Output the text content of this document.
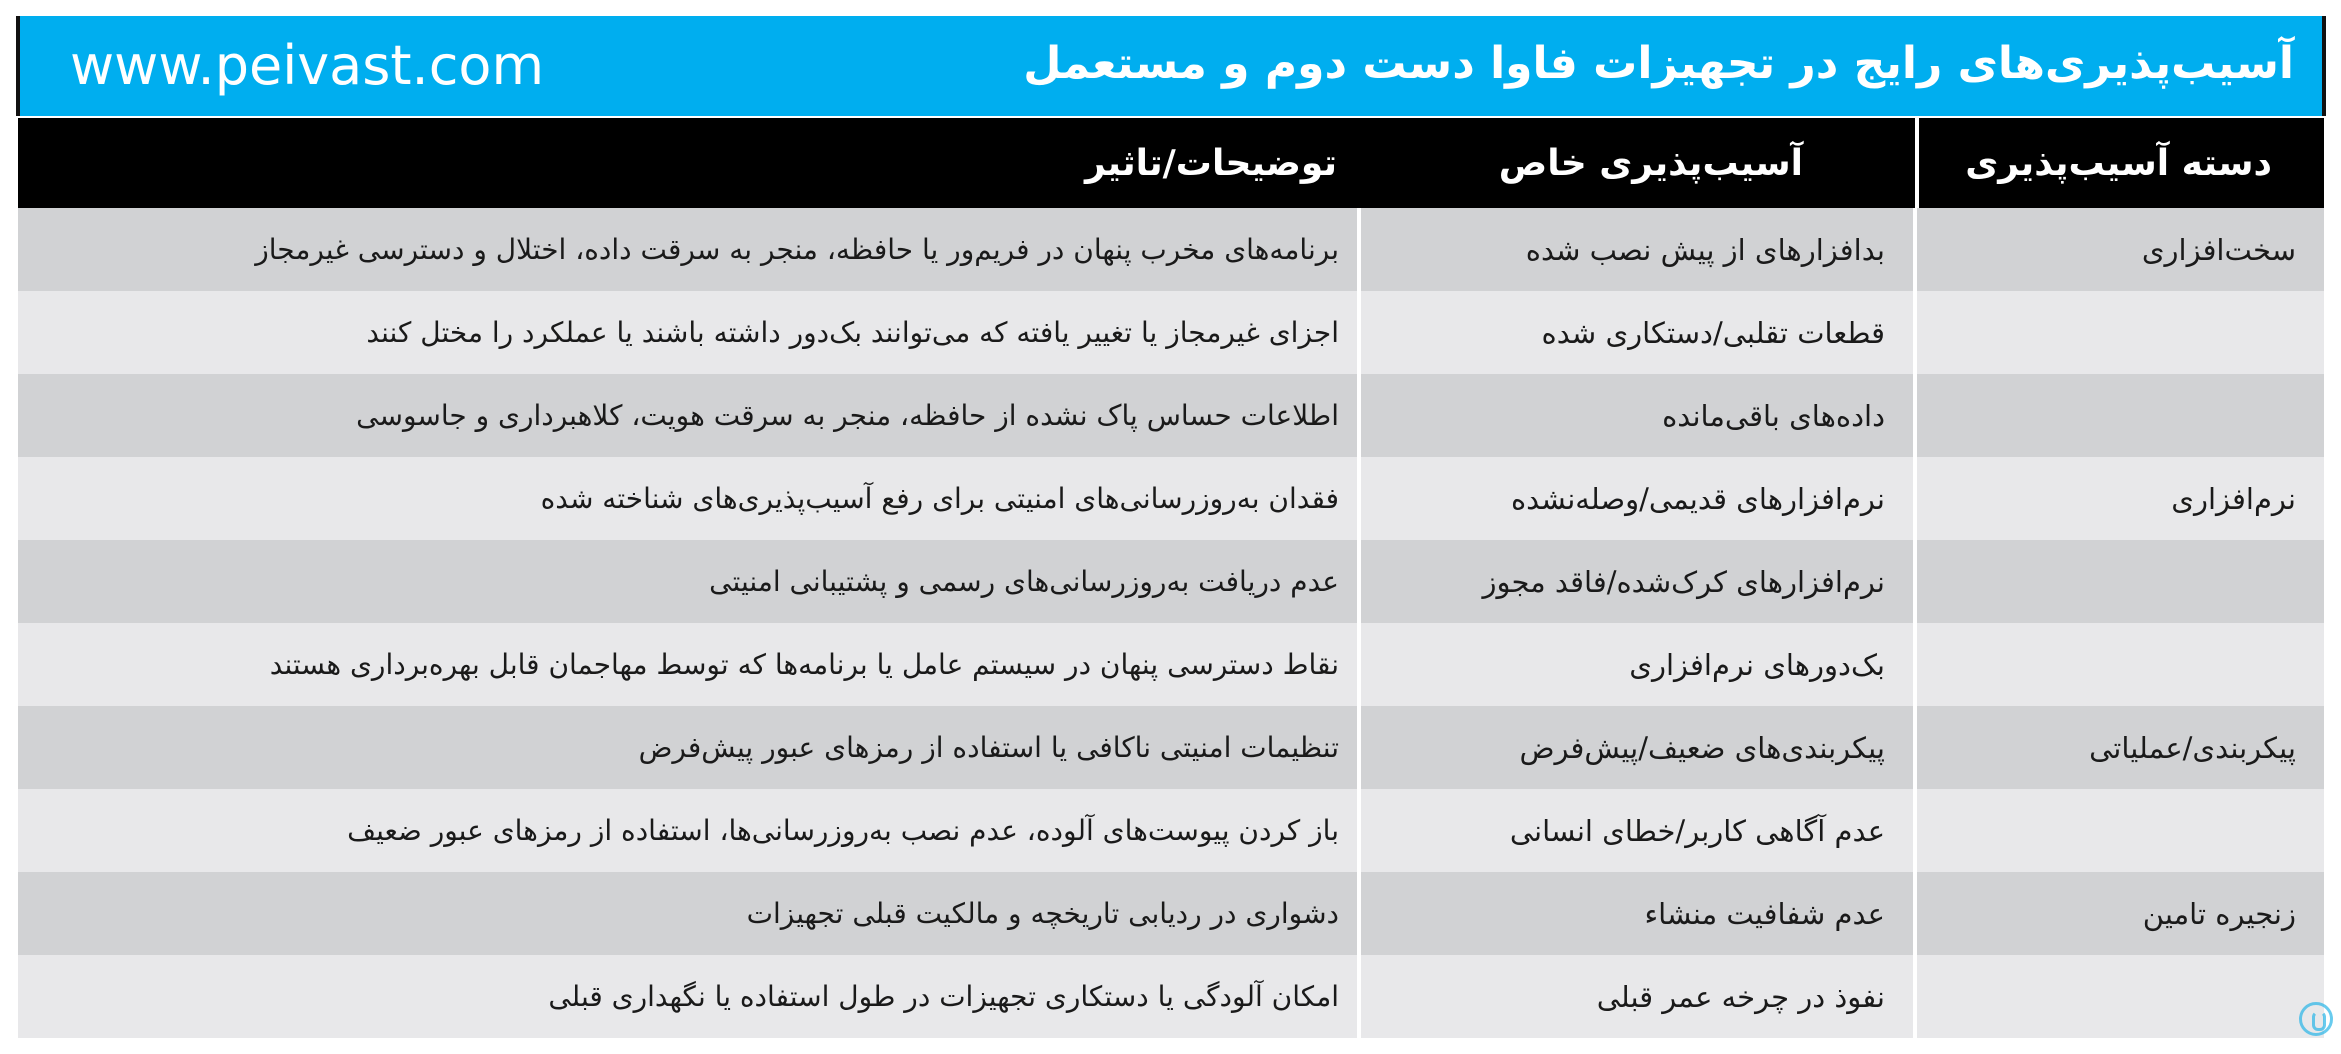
www.peivast.com	آسیب‌پذیری‌های رایج در تجهیزات فاوا دست دوم و مستعمل
دسته آسیب‌پذیری
آسیب‌پذیری خاص
توضیحات/تاثیر
سخت‌افزاری
بدافزارهای از پیش نصب شده
برنامه‌های مخرب پنهان در فریم‌ور یا حافظه، منجر به سرقت داده، اختلال و دسترسی غیرمجاز
قطعات تقلبی/دستکاری شده
اجزای غیرمجاز یا تغییر یافته که می‌توانند بک‌دور داشته باشند یا عملکرد را مختل کنند
داده‌های باقی‌مانده
اطلاعات حساس پاک نشده از حافظه، منجر به سرقت هویت، کلاهبرداری و جاسوسی
نرم‌افزاری
نرم‌افزارهای قدیمی/وصله‌نشده
فقدان به‌روزرسانی‌های امنیتی برای رفع آسیب‌پذیری‌های شناخته شده
نرم‌افزارهای کرک‌شده/فاقد مجوز
عدم دریافت به‌روزرسانی‌های رسمی و پشتیبانی امنیتی
بک‌دورهای نرم‌افزاری
نقاط دسترسی پنهان در سیستم عامل یا برنامه‌ها که توسط مهاجمان قابل بهره‌برداری هستند
پیکربندی/عملیاتی
پیکربندی‌های ضعیف/پیش‌فرض
تنظیمات امنیتی ناکافی یا استفاده از رمزهای عبور پیش‌فرض
عدم آگاهی کاربر/خطای انسانی
باز کردن پیوست‌های آلوده، عدم نصب به‌روزرسانی‌ها، استفاده از رمزهای عبور ضعیف
زنجیره تامین
عدم شفافیت منشاء
دشواری در ردیابی تاریخچه و مالکیت قبلی تجهیزات
نفوذ در چرخه عمر قبلی
امکان آلودگی یا دستکاری تجهیزات در طول استفاده یا نگهداری قبلی
